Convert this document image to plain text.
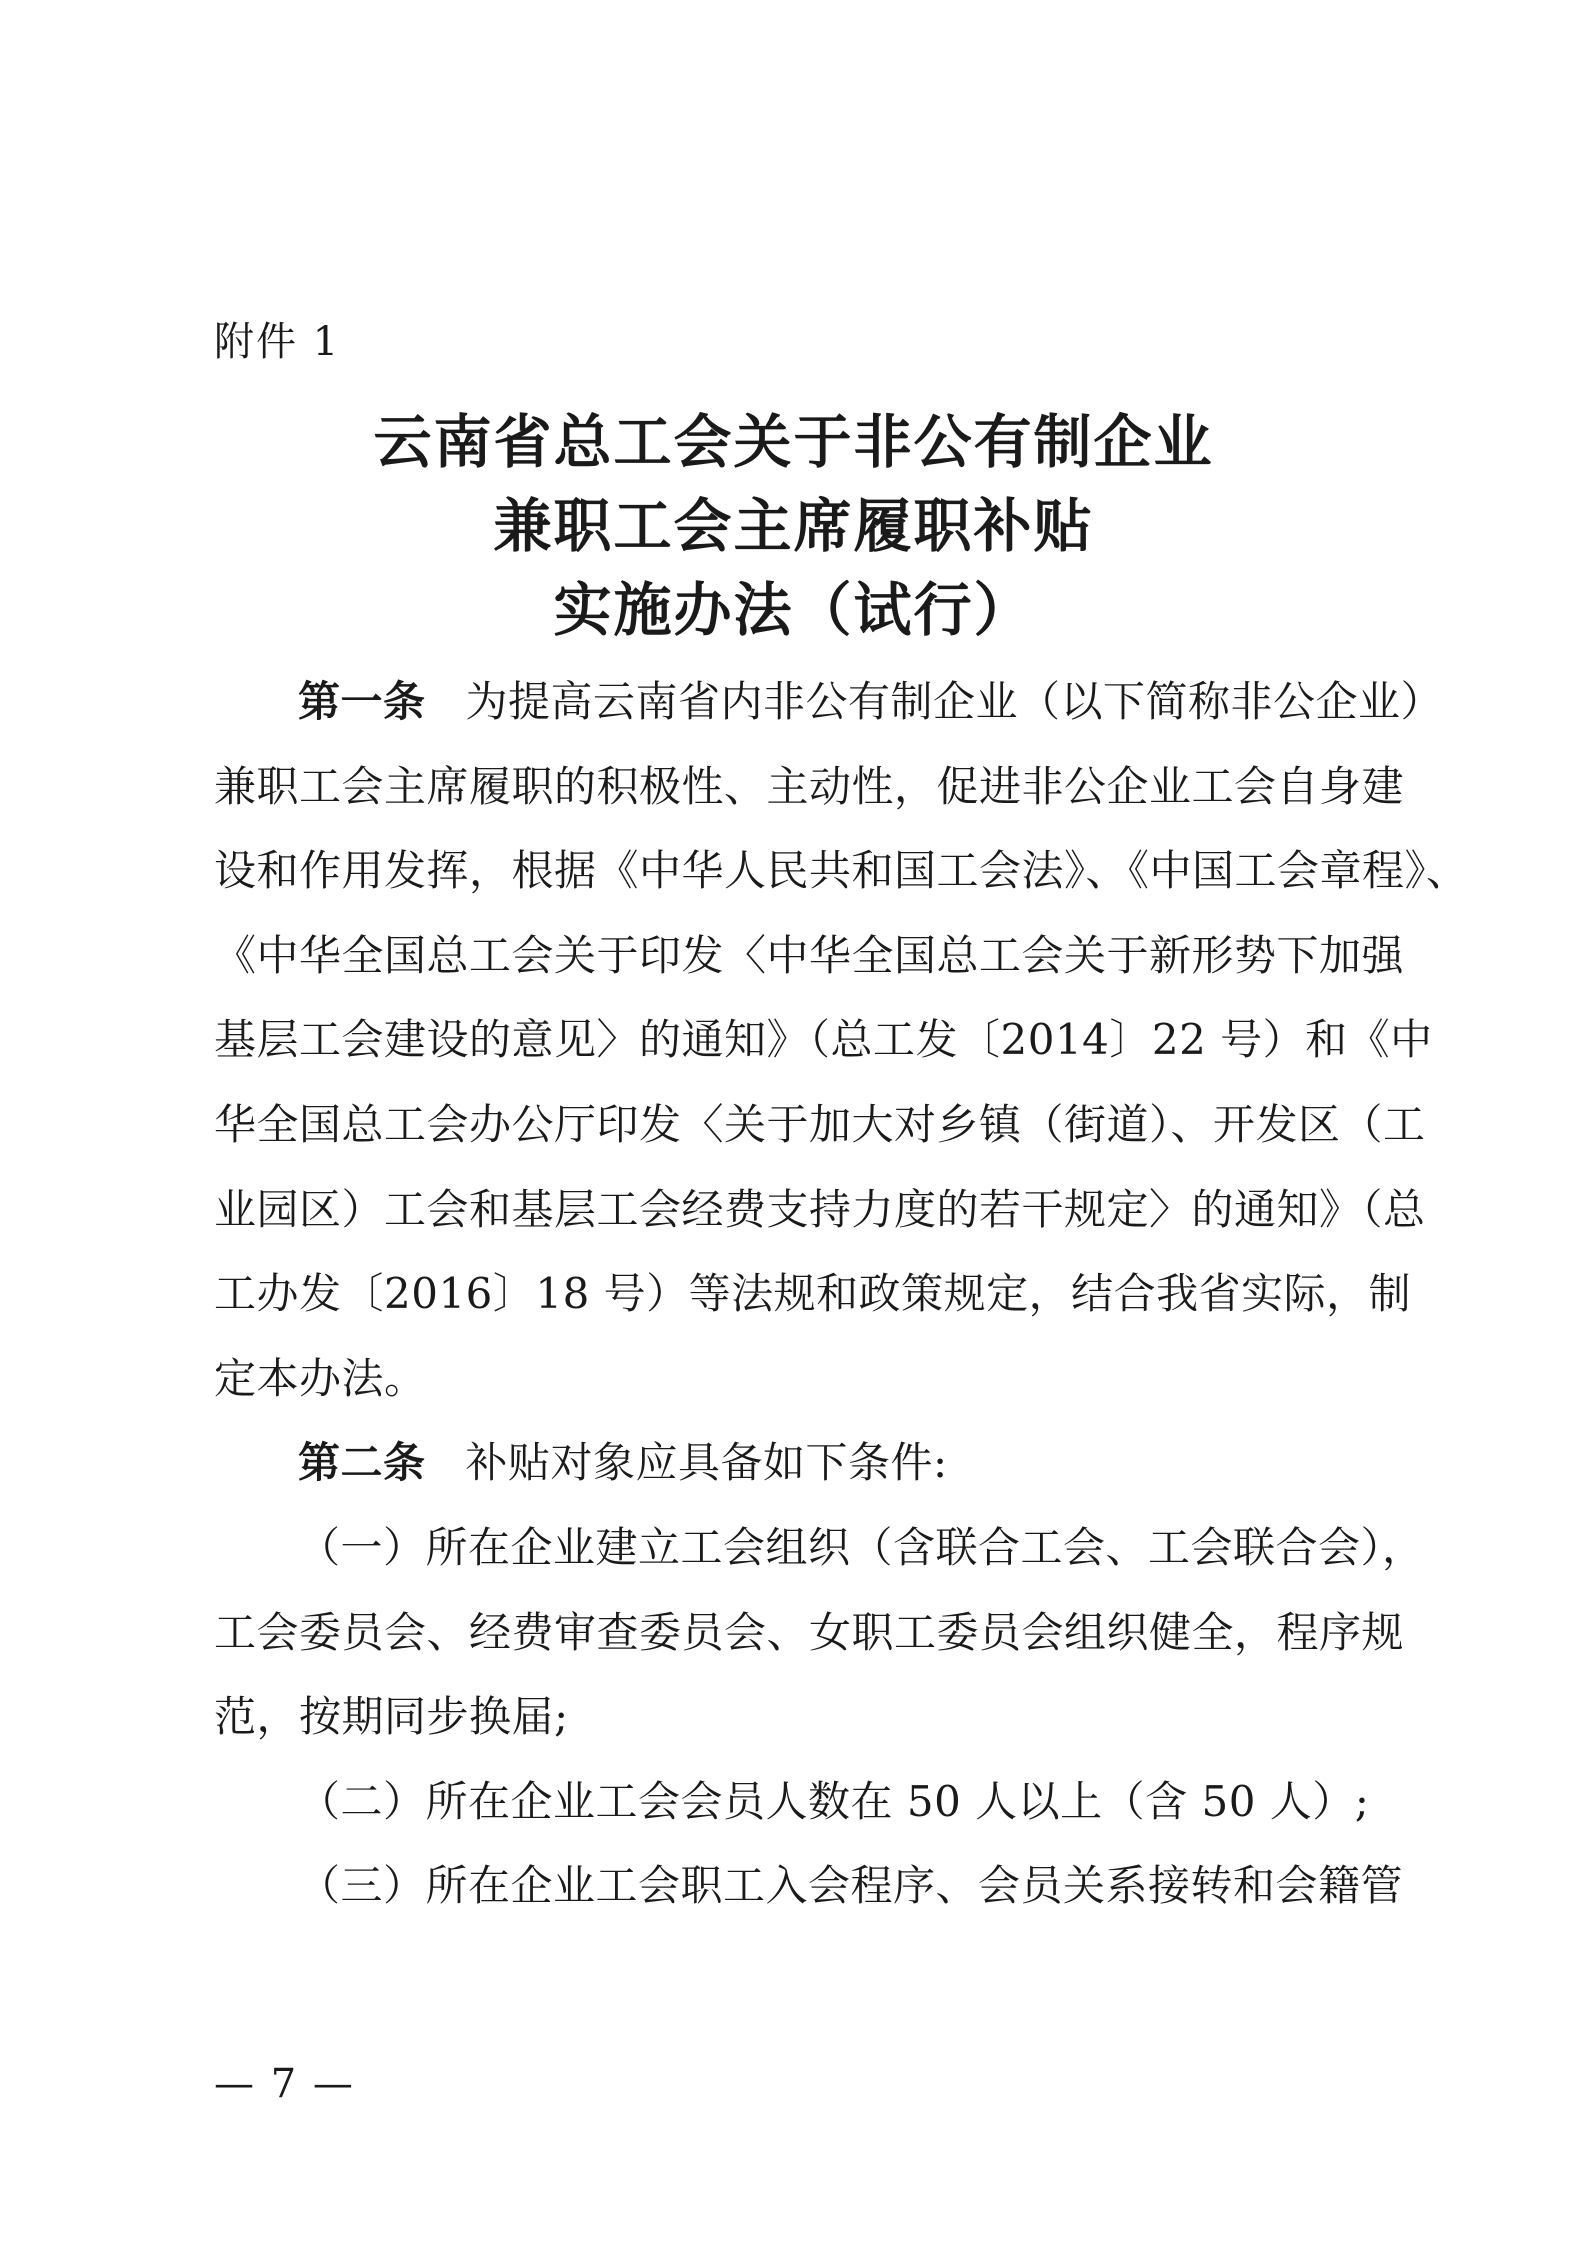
附件 1
云南省总工会关于非公有制企业
兼职工会主席履职补贴
实施办法（试行）
第一条 为提高云南省内非公有制企业（以下简称非公企业）
兼职工会主席履职的积极性、主动性，促进非公企业工会自身建
设和作用发挥，根据《中华人民共和国工会法》、《中国工会章程》、
《中华全国总工会关于印发〈中华全国总工会关于新形势下加强
基层工会建设的意见〉的通知》（总工发〔2014〕22 号）和《中
华全国总工会办公厅印发〈关于加大对乡镇（街道）、开发区（工
业园区）工会和基层工会经费支持力度的若干规定〉的通知》（总
工办发〔2016〕18 号）等法规和政策规定，结合我省实际，制
定本办法。
第二条 补贴对象应具备如下条件:
（一）所在企业建立工会组织（含联合工会、工会联合会），
工会委员会、经费审查委员会、女职工委员会组织健全，程序规
范，按期同步换届;
（二）所在企业工会会员人数在 50 人以上（含 50 人）;
（三）所在企业工会职工入会程序、会员关系接转和会籍管
— 7 —
